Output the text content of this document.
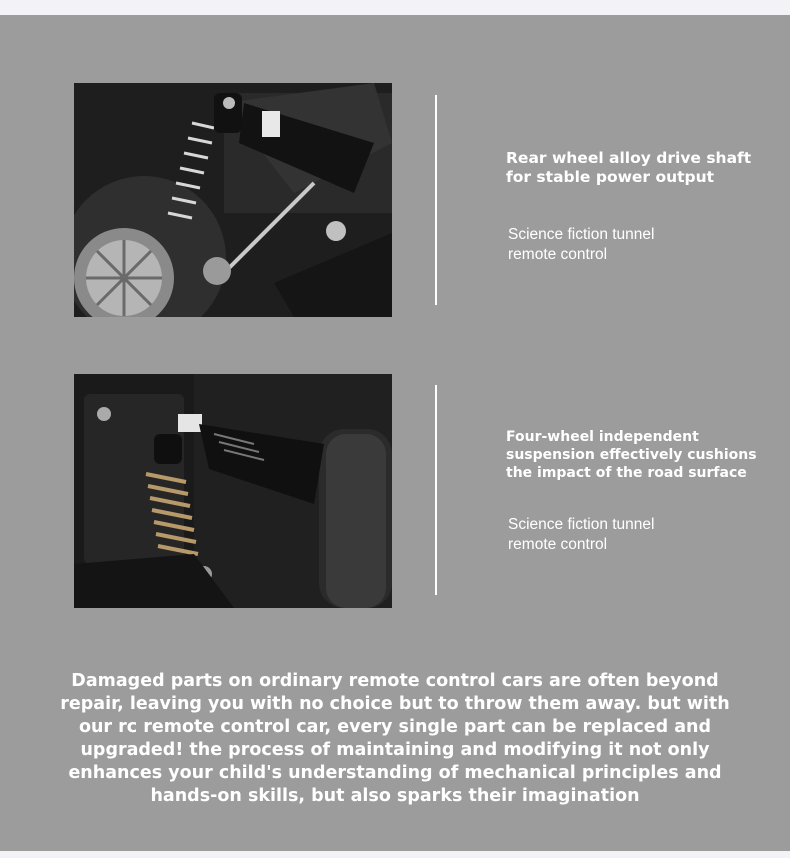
Rear wheel alloy drive shaft for stable power output
Science fiction tunnel
remote control
Four-wheel independent suspension effectively cushions the impact of the road surface
Science fiction tunnel
remote control
Damaged parts on ordinary remote control cars are often beyond repair, leaving you with no choice but to throw them away. but with our rc remote control car, every single part can be replaced and upgraded! the process of maintaining and modifying it not only enhances your child's understanding of mechanical principles and hands-on skills, but also sparks their imagination
